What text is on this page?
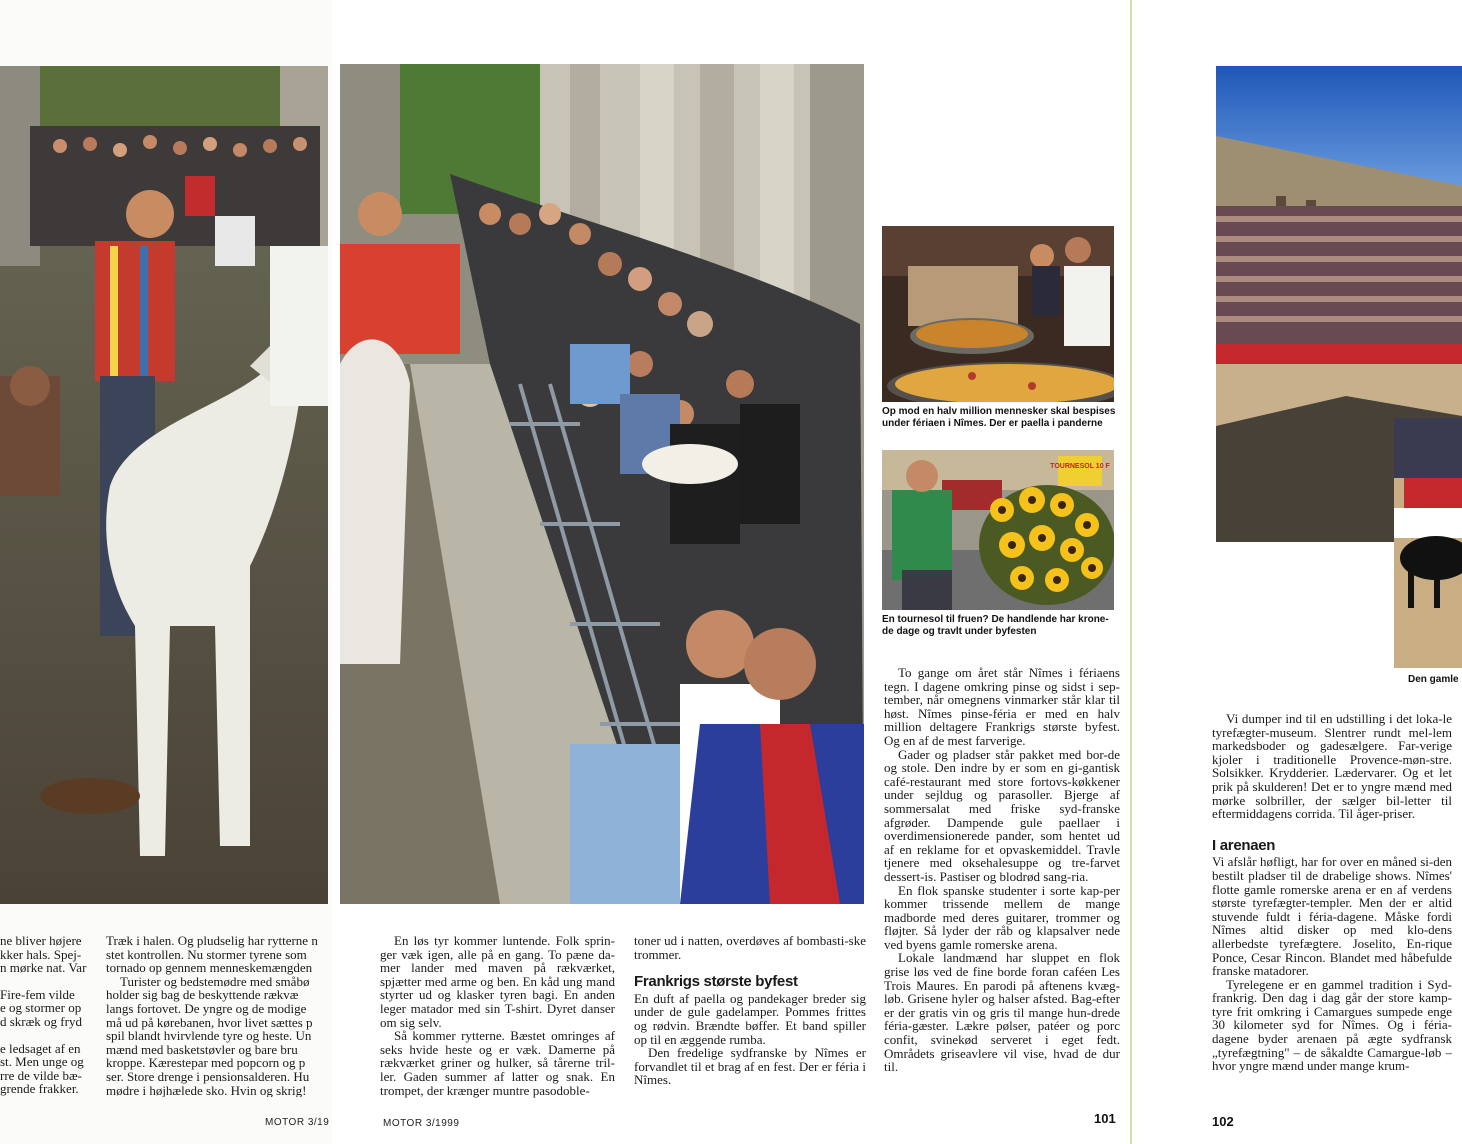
ne bliver højere
kker hals. Spej-
n mørke nat. Var
Fire-fem vilde
e og stormer op
d skræk og fryd
e ledsaget af en
st. Men unge og
rre de vilde bæ-
grende frakker.
Træk i halen. Og pludselig har rytterne n
stet kontrollen. Nu stormer tyrene som
tornado op gennem menneskemængden
Turister og bedstemødre med småbø
holder sig bag de beskyttende rækvæ
langs fortovet. De yngre og de modige
må ud på kørebanen, hvor livet sættes p
spil blandt hvirvlende tyre og heste. Un
mænd med basketstøvler og bare bru
kroppe. Kærestepar med popcorn og p
ser. Store drenge i pensionsalderen. Hu
mødre i højhælede sko. Hvin og skrig!
MOTOR 3/19
Op mod en halv million mennesker skal bespises under fériaen i Nîmes. Der er paella i panderne
TOURNESOL 10 F
En tournesol til fruen? De handlende har krone-de dage og travlt under byfesten

En løs tyr kommer luntende. Folk sprin-ger væk igen, alle på en gang. To pæne da-mer lander med maven på rækværket, spjætter med arme og ben. En kåd ung mand styrter ud og klasker tyren bagi. En anden leger matador med sin T-shirt. Dyret danser om sig selv.

Så kommer rytterne. Bæstet omringes af seks hvide heste og er væk. Damerne på rækværket griner og hulker, så tårerne tril-ler. Gaden summer af latter og snak. En trompet, der krænger muntre pasodoble-

toner ud i natten, overdøves af bombasti-ske trommer.

Frankrigs største byfest

En duft af paella og pandekager breder sig under de gule gadelamper. Pommes frittes og rødvin. Brændte bøffer. Et band spiller op til en æggende rumba.

Den fredelige sydfranske by Nîmes er forvandlet til et brag af en fest. Der er féria i Nîmes.

To gange om året står Nîmes i fériaens tegn. I dagene omkring pinse og sidst i sep-tember, når omegnens vinmarker står klar til høst. Nîmes pinse-féria er med en halv million deltagere Frankrigs største byfest. Og en af de mest farverige.

Gader og pladser står pakket med bor-de og stole. Den indre by er som en gi-gantisk café-restaurant med store fortovs-køkkener under sejldug og parasoller. Bjerge af sommersalat med friske syd-franske afgrøder. Dampende gule paellaer i overdimensionerede pander, som hentet ud af en reklame for et opvaskemiddel. Travle tjenere med oksehalesuppe og tre-farvet dessert-is. Pastiser og blodrød sang-ria.

En flok spanske studenter i sorte kap-per kommer trissende mellem de mange madborde med deres guitarer, trommer og fløjter. Så lyder der råb og klapsalver nede ved byens gamle romerske arena.

Lokale landmænd har sluppet en flok grise løs ved de fine borde foran caféen Les Trois Maures. En parodi på aftenens kvæg-løb. Grisene hyler og halser afsted. Bag-efter er der gratis vin og gris til mange hun-drede féria-gæster. Lækre pølser, patéer og porc confit, svinekød serveret i eget fedt. Områdets griseavlere vil vise, hvad de dur til.

MOTOR 3/1999	101
Den gamle

Vi dumper ind til en udstilling i det loka-le tyrefægter-museum. Slentrer rundt mel-lem markedsboder og gadesælgere. Far-verige kjoler i traditionelle Provence-møn-stre. Solsikker. Krydderier. Lædervarer. Og et let prik på skulderen! Det er to yngre mænd med mørke solbriller, der sælger bil-letter til eftermiddagens corrida. Til åger-priser.

I arenaen

Vi afslår høfligt, har for over en måned si-den bestilt pladser til de drabelige shows. Nîmes' flotte gamle romerske arena er en af verdens største tyrefægter-templer. Men der er altid stuvende fuldt i féria-dagene. Måske fordi Nîmes altid disker op med klo-dens allerbedste tyrefægtere. Joselito, En-rique Ponce, Cesar Rincon. Blandet med håbefulde franske matadorer.

Tyrelegene er en gammel tradition i Syd-frankrig. Den dag i dag går der store kamp-tyre frit omkring i Camargues sumpede enge 30 kilometer syd for Nîmes. Og i féria-dagene byder arenaen på ægte sydfransk „tyrefægtning" – de såkaldte Camargue-løb – hvor yngre mænd under mange krum-

102
